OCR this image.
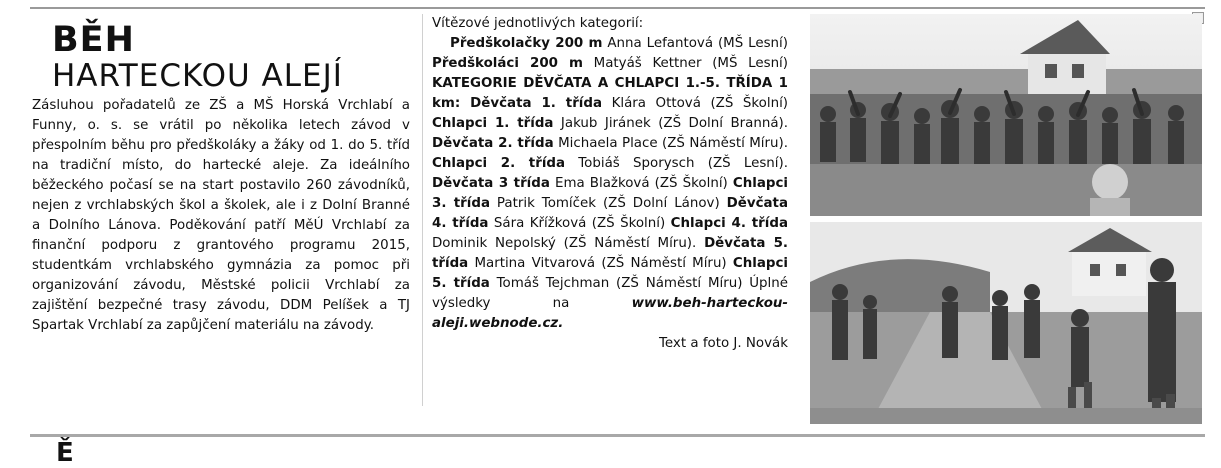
BĚH
HARTECKOU ALEJÍ

Zásluhou pořadatelů ze ZŠ a MŠ Horská Vrchlabí a Funny, o. s. se vrátil po několika letech závod v přespolním běhu pro předškoláky a žáky od 1. do 5. tříd na tradiční místo, do hartecké aleje. Za ideálního běžeckého počasí se na start postavilo 260 závodníků, nejen z vrchlabských škol a školek, ale i z Dolní Branné a Dolního Lánova. Poděkování patří MěÚ Vrchlabí za finanční podporu z grantového programu 2015, studentkám vrchlabského gymnázia za pomoc při organizování závodu, Městské policii Vrchlabí za zajištění bezpečné trasy závodu, DDM Pelíšek a TJ Spartak Vrchlabí za zapůjčení materiálu na závody.

Vítězové jednotlivých kategorií:

Předškolačky 200 m Anna Lefantová (MŠ Lesní) Předškoláci 200 m Matyáš Kettner (MŠ Lesní) KATEGORIE DĚVČATA A CHLAPCI 1.-5. TŘÍDA 1 km: Děvčata 1. třída Klára Ottová (ZŠ Školní) Chlapci 1. třída Jakub Jiránek (ZŠ Dolní Branná). Děvčata 2. třída Michaela Place (ZŠ Náměstí Míru). Chlapci 2. třída Tobiáš Sporysch (ZŠ Lesní). Děvčata 3 třída Ema Blažková (ZŠ Školní) Chlapci 3. třída Patrik Tomíček (ZŠ Dolní Lánov) Děvčata 4. třída Sára Křížková (ZŠ Školní) Chlapci 4. třída Dominik Nepolský (ZŠ Náměstí Míru). Děvčata 5. třída Martina Vitvarová (ZŠ Náměstí Míru) Chlapci 5. třída Tomáš Tejchman (ZŠ Náměstí Míru) Úplné výsledky na www.beh-harteckou-aleji.webnode.cz.

Text a foto J. Novák

Ě
